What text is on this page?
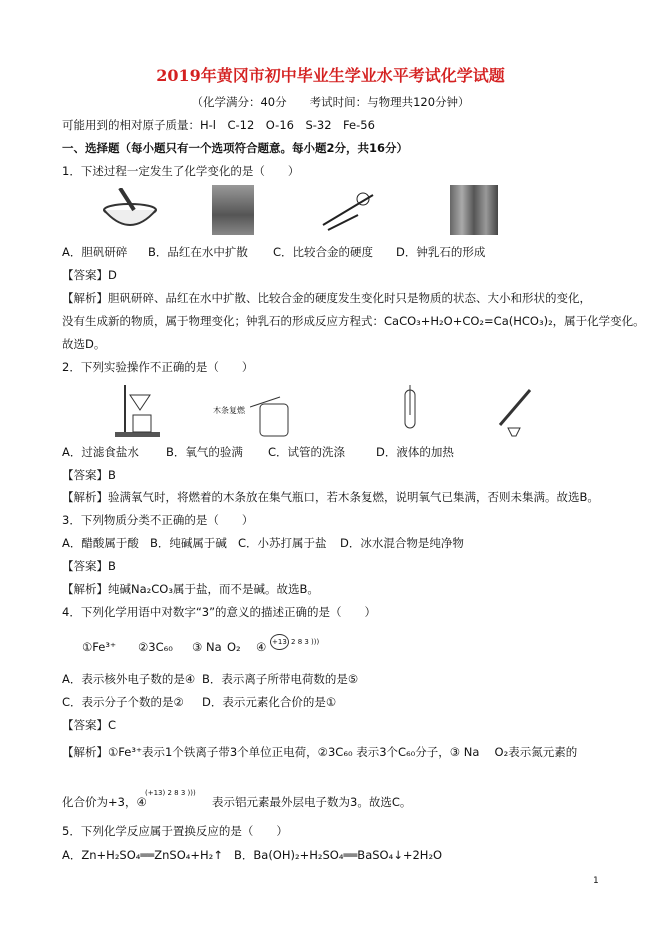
2019年黄冈市初中毕业生学业水平考试化学试题
（化学满分：40分　　考试时间：与物理共120分钟）
可能用到的相对原子质量：H-l　C-12　O-16　S-32　Fe-56
一、选择题（每小题只有一个选项符合题意。每小题2分，共16分）
1．下述过程一定发生了化学变化的是（　　）
A．胆矾研碎 B．品红在水中扩散 C．比较合金的硬度 D．钟乳石的形成
【答案】D
【解析】胆矾研碎、品红在水中扩散、比较合金的硬度发生变化时只是物质的状态、大小和形状的变化，
没有生成新的物质，属于物理变化；钟乳石的形成反应方程式：CaCO₃+H₂O+CO₂=Ca(HCO₃)₂，属于化学变化。
故选D。
2．下列实验操作不正确的是（　　）
木条复燃
A．过滤食盐水 B．氧气的验满 C．试管的洗涤	D．液体的加热
【答案】B
【解析】验满氧气时，将燃着的木条放在集气瓶口，若木条复燃，说明氧气已集满，否则未集满。故选B。
3．下列物质分类不正确的是（　　）
A．醋酸属于酸 B．纯碱属于碱 C．小苏打属于盐 D．冰水混合物是纯净物
【答案】B
【解析】纯碱Na₂CO₃属于盐，而不是碱。故选B。
4．下列化学用语中对数字“3”的意义的描述正确的是（　　）
①Fe³⁺ ②3C₆₀ ③ Na O₂ ④ +13 2 8 3 )))
A．表示核外电子数的是④ B．表示离子所带电荷数的是⑤
C．表示分子个数的是② D．表示元素化合价的是①
【答案】C
【解析】①Fe³⁺表示1个铁离子带3个单位正电荷，②3C₆₀ 表示3个C₆₀分子，③ Na　 O₂表示氮元素的
化合价为+3，④
(+13) 2 8 3 )))
表示铝元素最外层电子数为3。故选C。
5．下列化学反应属于置换反应的是（　　）
A．Zn+H₂SO₄══ZnSO₄+H₂↑ B．Ba(OH)₂+H₂SO₄══BaSO₄↓+2H₂O
1
